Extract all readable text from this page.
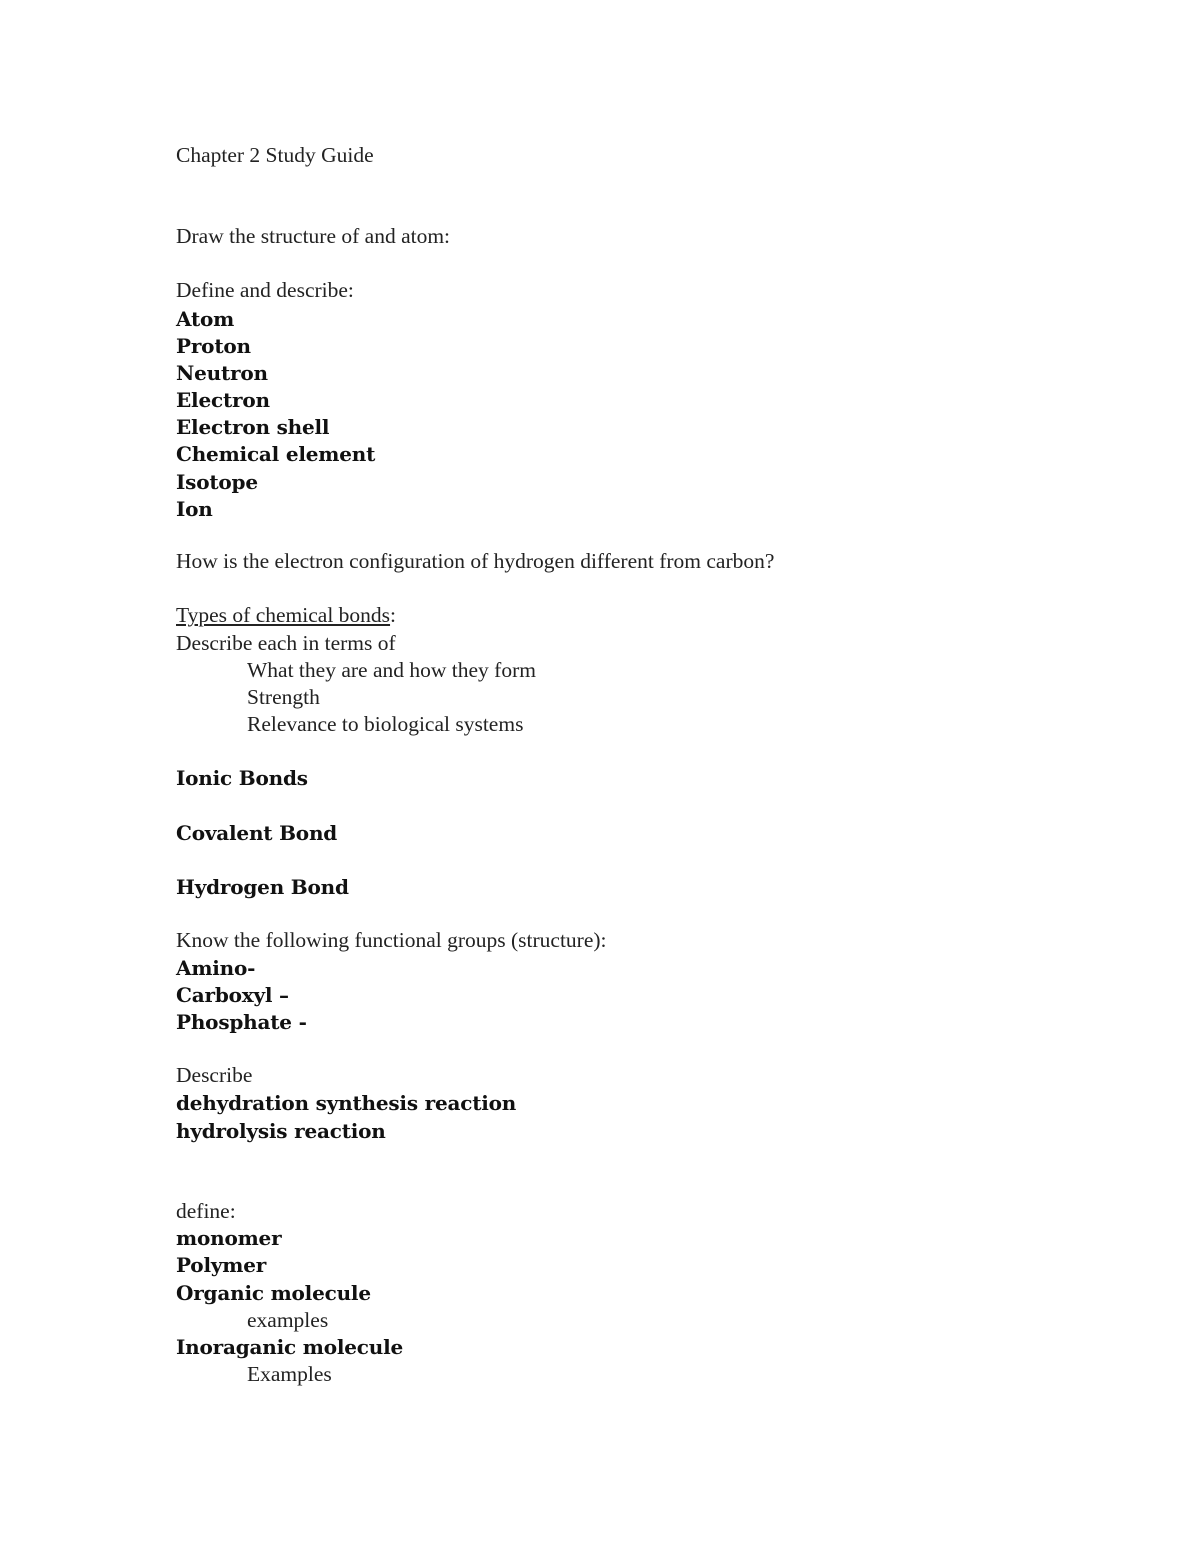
Chapter 2 Study Guide

Draw the structure of and atom:

Define and describe:

Atom

Proton

Neutron

Electron

Electron shell

Chemical element

Isotope

Ion

How is the electron configuration of hydrogen different from carbon?

Types of chemical bonds:

Describe each in terms of

What they are and how they form

Strength

Relevance to biological systems

Ionic Bonds

Covalent Bond

Hydrogen Bond

Know the following functional groups (structure):

Amino-

Carboxyl –

Phosphate -

Describe

dehydration synthesis reaction

hydrolysis reaction

define:

monomer

Polymer

Organic molecule

examples

Inoraganic molecule

Examples
